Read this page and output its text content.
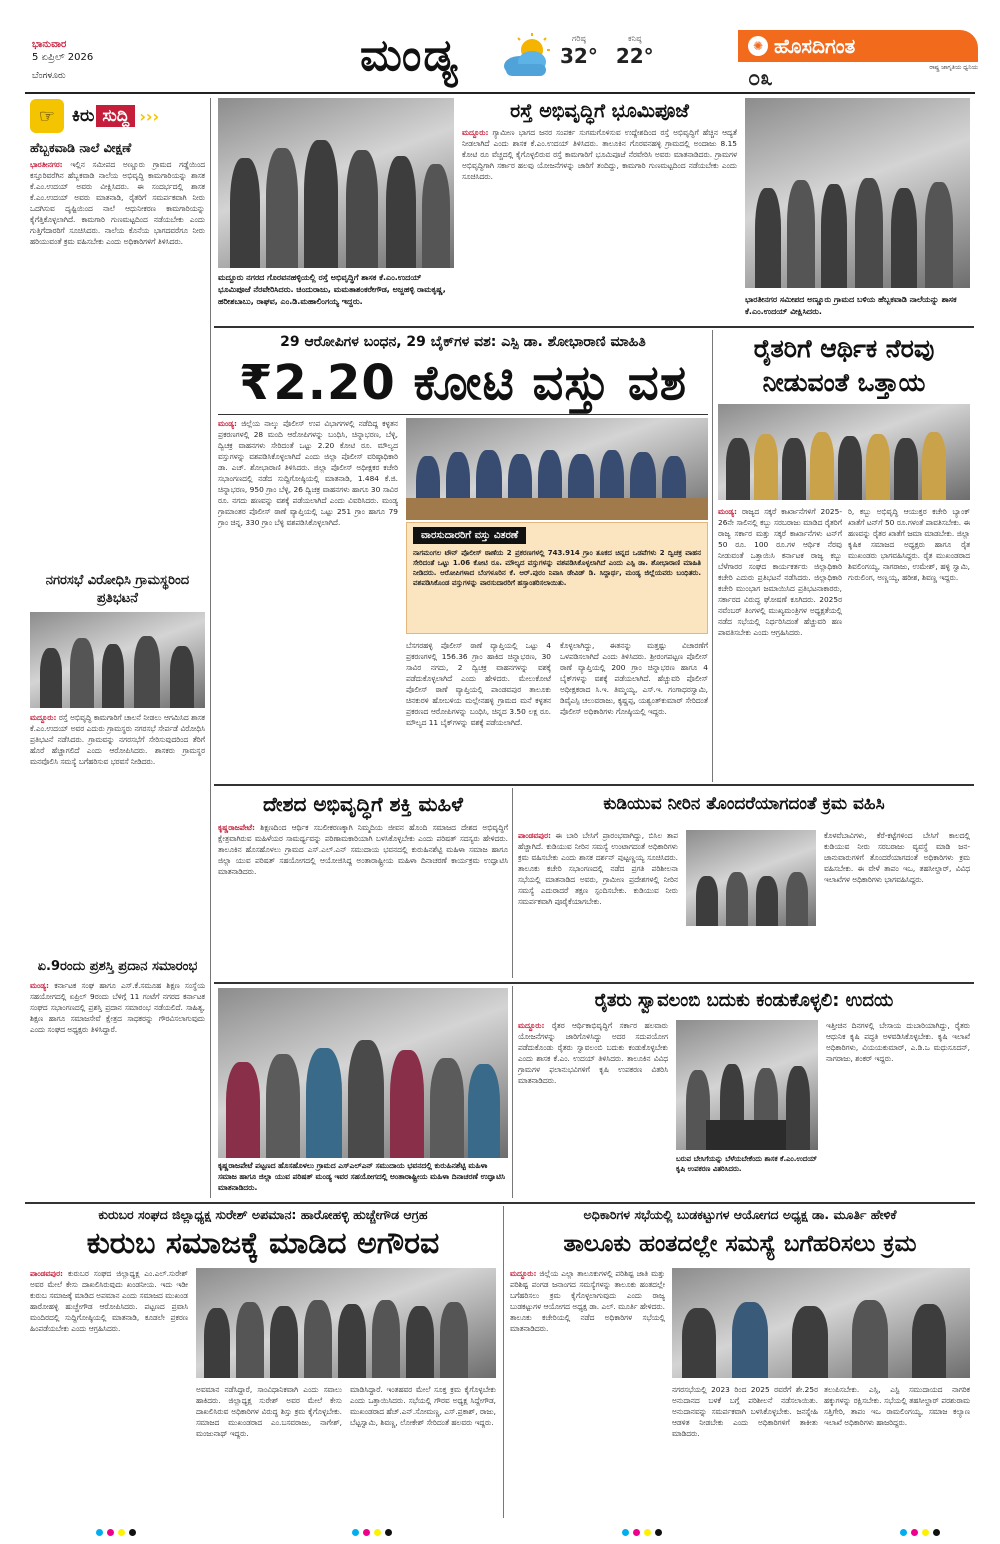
ಭಾನುವಾರ
5 ಏಪ್ರಿಲ್ 2026
ಬೆಂಗಳೂರು	ಮಂಡ್ಯ	ಗರಿಷ್ಠ
32°
ಕನಿಷ್ಠ
22°	✺ ಹೊಸದಿಗಂತ
ರಾಷ್ಟ್ರ ಜಾಗೃತಿಯ ಧ್ವನಿಯ
೦೩
☞ ಕಿರು ಸುದ್ದಿ ›››
ಹೆಬ್ಬಕವಾಡಿ ನಾಲೆ ವೀಕ್ಷಣೆ
ಭಾರತೀನಗರ: ಇಲ್ಲಿನ ಸಮೀಪದ ಅಣ್ಣೂರು ಗ್ರಾಮದ ಗಡ್ಡೆಯಿಂದ ಕಸ್ತೂರಿವರೆಗಿನ ಹೆಬ್ಬಕವಾಡಿ ನಾಲೆಯ ಅಭಿವೃದ್ಧಿ ಕಾಮಗಾರಿಯನ್ನು ಶಾಸಕ ಕೆ.ಎಂ.ಉದಯ್ ಅವರು ವೀಕ್ಷಿಸಿದರು. ಈ ಸಂದರ್ಭದಲ್ಲಿ ಶಾಸಕ ಕೆ.ಎಂ.ಉದಯ್ ಅವರು ಮಾತನಾಡಿ, ರೈತರಿಗೆ ಸಮರ್ಪಕವಾಗಿ ನೀರು ಒದಗಿಸುವ ದೃಷ್ಟಿಯಿಂದ ನಾಲೆ ಆಧುನೀಕರಣ ಕಾಮಗಾರಿಯನ್ನು ಕೈಗೆತ್ತಿಕೊಳ್ಳಲಾಗಿದೆ. ಕಾಮಗಾರಿ ಗುಣಮಟ್ಟದಿಂದ ನಡೆಯಬೇಕು ಎಂದು ಗುತ್ತಿಗೆದಾರರಿಗೆ ಸೂಚಿಸಿದರು. ನಾಲೆಯ ಕೊನೆಯ ಭಾಗದವರೆಗೂ ನೀರು ಹರಿಯುವಂತೆ ಕ್ರಮ ವಹಿಸಬೇಕು ಎಂದು ಅಧಿಕಾರಿಗಳಿಗೆ ತಿಳಿಸಿದರು.
ನಗರಸಭೆ ವಿರೋಧಿಸಿ ಗ್ರಾಮಸ್ಥರಿಂದ ಪ್ರತಿಭಟನೆ
ಮದ್ದೂರು: ರಸ್ತೆ ಅಭಿವೃದ್ಧಿ ಕಾಮಗಾರಿಗೆ ಚಾಲನೆ ನೀಡಲು ಆಗಮಿಸಿದ ಶಾಸಕ ಕೆ.ಎಂ.ಉದಯ್ ಅವರ ಎದುರು ಗ್ರಾಮಸ್ಥರು ನಗರಸಭೆ ಸೇರ್ಪಡೆ ವಿರೋಧಿಸಿ ಪ್ರತಿಭಟನೆ ನಡೆಸಿದರು. ಗ್ರಾಮವನ್ನು ನಗರಸಭೆಗೆ ಸೇರಿಸುವುದರಿಂದ ತೆರಿಗೆ ಹೊರೆ ಹೆಚ್ಚಾಗಲಿದೆ ಎಂದು ಆರೋಪಿಸಿದರು. ಶಾಸಕರು ಗ್ರಾಮಸ್ಥರ ಮನವೊಲಿಸಿ ಸಮಸ್ಯೆ ಬಗೆಹರಿಸುವ ಭರವಸೆ ನೀಡಿದರು.
ಏ.9ರಂದು ಪ್ರಶಸ್ತಿ ಪ್ರದಾನ ಸಮಾರಂಭ
ಮಂಡ್ಯ: ಕರ್ನಾಟಕ ಸಂಘ ಹಾಗೂ ಎಸ್.ಕೆ.ಸಮೂಹ ಶಿಕ್ಷಣ ಸಂಸ್ಥೆಯ ಸಹಯೋಗದಲ್ಲಿ ಏಪ್ರಿಲ್ 9ರಂದು ಬೆಳಿಗ್ಗೆ 11 ಗಂಟೆಗೆ ನಗರದ ಕರ್ನಾಟಕ ಸಂಘದ ಸಭಾಂಗಣದಲ್ಲಿ ಪ್ರಶಸ್ತಿ ಪ್ರದಾನ ಸಮಾರಂಭ ನಡೆಯಲಿದೆ. ಸಾಹಿತ್ಯ, ಶಿಕ್ಷಣ ಹಾಗೂ ಸಮಾಜಸೇವೆ ಕ್ಷೇತ್ರದ ಸಾಧಕರನ್ನು ಗೌರವಿಸಲಾಗುವುದು ಎಂದು ಸಂಘದ ಅಧ್ಯಕ್ಷರು ತಿಳಿಸಿದ್ದಾರೆ.
ಮದ್ದೂರು ನಗರದ ಗೊರವನಹಳ್ಳಿಯಲ್ಲಿ ರಸ್ತೆ ಅಭಿವೃದ್ಧಿಗೆ ಶಾಸಕ ಕೆ.ಎಂ.ಉದಯ್ ಭೂಮಿಪೂಜೆ ನೆರವೇರಿಸಿದರು. ಚಿಂದುರಾಜು, ಮಮತಾಶಂಕರೇಗೌಡ, ಅಜ್ಜಹಳ್ಳಿ ರಾಮಕೃಷ್ಣ, ಹರೀಶಬಾಬು, ರಾಘವ, ಎಂ.ಡಿ.ಮಹಾಲಿಂಗಯ್ಯ ಇದ್ದರು.
ರಸ್ತೆ ಅಭಿವೃದ್ಧಿಗೆ ಭೂಮಿಪೂಜೆ
ಮದ್ದೂರು: ಗ್ಯಾಮೀಣ ಭಾಗದ ಜನರ ಸಂಪರ್ಕ ಸುಗಮಗೊಳಿಸುವ ಉದ್ದೇಶದಿಂದ ರಸ್ತೆ ಅಭಿವೃದ್ಧಿಗೆ ಹೆಚ್ಚಿನ ಆದ್ಯತೆ ನೀಡಲಾಗಿದೆ ಎಂದು ಶಾಸಕ ಕೆ.ಎಂ.ಉದಯ್ ತಿಳಿಸಿದರು. ತಾಲೂಕಿನ ಗೊರವನಹಳ್ಳಿ ಗ್ರಾಮದಲ್ಲಿ ಅಂದಾಜು 8.15 ಕೋಟಿ ರೂ ವೆಚ್ಚದಲ್ಲಿ ಕೈಗೊಳ್ಳಲಿರುವ ರಸ್ತೆ ಕಾಮಗಾರಿಗೆ ಭೂಮಿಪೂಜೆ ನೆರವೇರಿಸಿ ಅವರು ಮಾತನಾಡಿದರು. ಗ್ರಾಮಗಳ ಅಭಿವೃದ್ಧಿಗಾಗಿ ಸರ್ಕಾರ ಹಲವು ಯೋಜನೆಗಳನ್ನು ಜಾರಿಗೆ ತಂದಿದ್ದು, ಕಾಮಗಾರಿ ಗುಣಮಟ್ಟದಿಂದ ನಡೆಯಬೇಕು ಎಂದು ಸೂಚಿಸಿದರು.
ಭಾರತೀನಗರ ಸಮೀಪದ ಅಣ್ಣೂರು ಗ್ರಾಮದ ಬಳಿಯ ಹೆಬ್ಬಕವಾಡಿ ನಾಲೆಯನ್ನು ಶಾಸಕ ಕೆ.ಎಂ.ಉದಯ್ ವೀಕ್ಷಿಸಿದರು.
29 ಆರೋಪಿಗಳ ಬಂಧನ, 29 ಬೈಕ್‌ಗಳ ವಶ: ಎಸ್ಪಿ ಡಾ. ಶೋಭಾರಾಣಿ ಮಾಹಿತಿ
₹2.20 ಕೋಟಿ ವಸ್ತು ವಶ
ಮಂಡ್ಯ: ಜಿಲ್ಲೆಯ ನಾಲ್ಕು ಪೊಲೀಸ್ ಉಪ ವಿಭಾಗಗಳಲ್ಲಿ ನಡೆದಿದ್ದ ಕಳ್ಳತನ ಪ್ರಕರಣಗಳಲ್ಲಿ 28 ಮಂದಿ ಆರೋಪಿಗಳನ್ನು ಬಂಧಿಸಿ, ಚಿನ್ನಾಭರಣ, ಬೆಳ್ಳಿ, ದ್ವಿಚಕ್ರ ವಾಹನಗಳು ಸೇರಿದಂತೆ ಒಟ್ಟು 2.20 ಕೋಟಿ ರೂ. ಮೌಲ್ಯದ ವಸ್ತುಗಳನ್ನು ವಶಪಡಿಸಿಕೊಳ್ಳಲಾಗಿದೆ ಎಂದು ಜಿಲ್ಲಾ ಪೊಲೀಸ್ ವರಿಷ್ಠಾಧಿಕಾರಿ ಡಾ. ಎಚ್. ಶೋಭಾರಾಣಿ ತಿಳಿಸಿದರು. ಜಿಲ್ಲಾ ಪೊಲೀಸ್ ಅಧೀಕ್ಷಕರ ಕಚೇರಿ ಸಭಾಂಗಣದಲ್ಲಿ ನಡೆದ ಸುದ್ದಿಗೋಷ್ಠಿಯಲ್ಲಿ ಮಾತನಾಡಿ, 1.484 ಕೆ.ಜಿ. ಚಿನ್ನಾಭರಣ, 950 ಗ್ರಾಂ ಬೆಳ್ಳಿ, 26 ದ್ವಿಚಕ್ರ ವಾಹನಗಳು ಹಾಗೂ 30 ಸಾವಿರ ರೂ. ನಗದು ಹಣವನ್ನು ವಶಕ್ಕೆ ಪಡೆಯಲಾಗಿದೆ ಎಂದು ವಿವರಿಸಿದರು. ಮಂಡ್ಯ ಗ್ರಾಮಾಂತರ ಪೊಲೀಸ್ ಠಾಣೆ ವ್ಯಾಪ್ತಿಯಲ್ಲಿ ಒಟ್ಟು 251 ಗ್ರಾಂ ಹಾಗೂ 79 ಗ್ರಾಂ ಚಿನ್ನ, 330 ಗ್ರಾಂ ಬೆಳ್ಳಿ ವಶಪಡಿಸಿಕೊಳ್ಳಲಾಗಿದೆ.
ವಾರಸುದಾರರಿಗೆ ವಸ್ತು ವಿತರಣೆ
ನಾಗಮಂಗಲ ಟೌನ್ ಪೊಲೀಸ್ ಠಾಣೆಯ 2 ಪ್ರಕರಣಗಳಲ್ಲಿ 743.914 ಗ್ರಾಂ ತೂಕದ ಚಿನ್ನದ ಒಡವೆಗಳು 2 ದ್ವಿಚಕ್ರ ವಾಹನ ಸೇರಿದಂತೆ ಒಟ್ಟು 1.06 ಕೋಟಿ ರೂ. ಮೌಲ್ಯದ ವಸ್ತುಗಳನ್ನು ವಶಪಡಿಸಿಕೊಳ್ಳಲಾಗಿದೆ ಎಂದು ಎಸ್ಪಿ ಡಾ. ಶೋಭಾರಾಣಿ ಮಾಹಿತಿ ನೀಡಿದರು. ಆರೋಪಿಗಳಾದ ಬೆಂಗಳೂರಿನ ಕೆ. ಆರ್.ಪುರಂ ನಿವಾಸಿ ಡೇವಿಡ್ ಡಿ. ಸಿದ್ದಾರ್ಥ, ಮಂಡ್ಯ ಜಿಲ್ಲೆಯವರು ಬಂಧಿತರು. ವಶಪಡಿಸಿಕೊಂಡ ವಸ್ತುಗಳನ್ನು ವಾರಸುದಾರರಿಗೆ ಹಸ್ತಾಂತರಿಸಲಾಯಿತು.
ಬೆಸಗರಹಳ್ಳಿ ಪೊಲೀಸ್ ಠಾಣೆ ವ್ಯಾಪ್ತಿಯಲ್ಲಿ ಒಟ್ಟು 4 ಪ್ರಕರಣಗಳಲ್ಲಿ 156.36 ಗ್ರಾಂ ಹಾಕಿದ ಚಿನ್ನಾಭರಣ, 30 ಸಾವಿರ ನಗದು, 2 ದ್ವಿಚಕ್ರ ವಾಹನಗಳನ್ನು ವಶಕ್ಕೆ ಪಡೆದುಕೊಳ್ಳಲಾಗಿದೆ ಎಂದು ಹೇಳಿದರು. ಮೇಲುಕೋಟೆ ಪೊಲೀಸ್ ಠಾಣೆ ವ್ಯಾಪ್ತಿಯಲ್ಲಿ ಪಾಂಡವಪುರ ತಾಲೂಕು ಚಿನಕುರಳಿ ಹೋಬಳಿಯ ಮಲ್ಲೇನಹಳ್ಳಿ ಗ್ರಾಮದ ಮನೆ ಕಳ್ಳತನ ಪ್ರಕರಣದ ಆರೋಪಿಗಳನ್ನು ಬಂಧಿಸಿ, ಚಿನ್ನದ 3.50 ಲಕ್ಷ ರೂ. ಮೌಲ್ಯದ 11 ಬೈಕ್‌ಗಳನ್ನು ವಶಕ್ಕೆ ಪಡೆಯಲಾಗಿದೆ.
ಕೊಳ್ಳಲಾಗಿದ್ದು, ಈತನನ್ನು ಮತ್ತಷ್ಟು ವಿಚಾರಣೆಗೆ ಒಳಪಡಿಸಲಾಗಿದೆ ಎಂದು ತಿಳಿಸಿದರು. ಶ್ರೀರಂಗಪಟ್ಟಣ ಪೊಲೀಸ್ ಠಾಣೆ ವ್ಯಾಪ್ತಿಯಲ್ಲಿ 200 ಗ್ರಾಂ ಚಿನ್ನಾಭರಣ ಹಾಗೂ 4 ಬೈಕ್‌ಗಳನ್ನು ವಶಕ್ಕೆ ಪಡೆಯಲಾಗಿದೆ. ಹೆಚ್ಚುವರಿ ಪೊಲೀಸ್ ಅಧೀಕ್ಷಕರಾದ ಸಿ.ಇ. ತಿಮ್ಮಯ್ಯ, ಎಸ್.ಇ. ಗಂಗಾಧರಸ್ವಾಮಿ, ಡಿವೈಎಸ್ಪಿ ಚಲುವರಾಜು, ಕೃಷ್ಣಪ್ಪ, ಯಶ್ವಂತ್‌ಕುಮಾರ್ ಸೇರಿದಂತೆ ಪೊಲೀಸ್ ಅಧಿಕಾರಿಗಳು ಗೋಷ್ಠಿಯಲ್ಲಿ ಇದ್ದರು.
ರೈತರಿಗೆ ಆರ್ಥಿಕ ನೆರವು ನೀಡುವಂತೆ ಒತ್ತಾಯ
ಮಂಡ್ಯ: ರಾಜ್ಯದ ಸಕ್ಕರೆ ಕಾರ್ಖಾನೆಗಳಿಗೆ 2025-26ನೇ ಸಾಲಿನಲ್ಲಿ ಕಬ್ಬು ಸರಬರಾಜು ಮಾಡಿದ ರೈತರಿಗೆ ರಾಜ್ಯ ಸರ್ಕಾರ ಮತ್ತು ಸಕ್ಕರೆ ಕಾರ್ಖಾನೆಗಳು ಟನ್‌ಗೆ 50 ರೂ. 100 ರೂ.ಗಳ ಆರ್ಥಿಕ ನೆರವು ನೀಡುವಂತೆ ಒತ್ತಾಯಿಸಿ ಕರ್ನಾಟಕ ರಾಜ್ಯ ಕಬ್ಬು ಬೆಳೆಗಾರರ ಸಂಘದ ಕಾರ್ಯಕರ್ತರು ಜಿಲ್ಲಾಧಿಕಾರಿ ಕಚೇರಿ ಎದುರು ಪ್ರತಿಭಟನೆ ನಡೆಸಿದರು. ಜಿಲ್ಲಾಧಿಕಾರಿ ಕಚೇರಿ ಮುಂಭಾಗ ಜಮಾಯಿಸಿದ ಪ್ರತಿಭಟನಾಕಾರರು, ಸರ್ಕಾರದ ವಿರುದ್ಧ ಘೋಷಣೆ ಕೂಗಿದರು. 2025ರ ನವೆಂಬರ್ ತಿಂಗಳಲ್ಲಿ ಮುಖ್ಯಮಂತ್ರಿಗಳ ಅಧ್ಯಕ್ಷತೆಯಲ್ಲಿ ನಡೆದ ಸಭೆಯಲ್ಲಿ ನಿರ್ಧರಿಸಿದಂತೆ ಹೆಚ್ಚುವರಿ ಹಣ ಪಾವತಿಸಬೇಕು ಎಂದು ಆಗ್ರಹಿಸಿದರು.
ರಿ, ಕಬ್ಬು ಅಭಿವೃದ್ಧಿ ಆಯುಕ್ತರ ಕಚೇರಿ ಬ್ಯಾಂಕ್ ಖಾತೆಗೆ ಟನ್‌ಗೆ 50 ರೂ.ಗಳಂತೆ ಪಾವತಿಸಬೇಕು. ಈ ಹಣವನ್ನು ರೈತರ ಖಾತೆಗೆ ಜಮಾ ಮಾಡಬೇಕು. ಜಿಲ್ಲಾ ಕೃಷಿಕ ಸಮಾಜದ ಅಧ್ಯಕ್ಷರು ಹಾಗೂ ರೈತ ಮುಖಂಡರು ಭಾಗವಹಿಸಿದ್ದರು. ರೈತ ಮುಖಂಡರಾದ ಶಿವಲಿಂಗಯ್ಯ, ನಾಗರಾಜು, ಉಮೇಶ್, ಹಳ್ಳಿ ಸ್ವಾಮಿ, ಗುರುಲಿಂಗ, ಅಣ್ಣಯ್ಯ, ಹರೀಶ, ಶಿವಣ್ಣ ಇದ್ದರು.
ದೇಶದ ಅಭಿವೃದ್ಧಿಗೆ ಶಕ್ತಿ ಮಹಿಳೆ
ಕೃಷ್ಣರಾಜಪೇಟೆ: ಶಿಕ್ಷಣದಿಂದ ಆರ್ಥಿಕ ಸಬಲೀಕರಣಕ್ಕಾಗಿ ನಿಮ್ಮದಿಯ ಜೀವನ ಹೊಂದಿ ಸಮಾಜದ ದೇಶದ ಅಭಿವೃದ್ಧಿಗೆ ಕ್ಷೇತ್ರವಾಗಿರುವ ಮಹಿಳೆಯರ ಸಾಮರ್ಥ್ಯವನ್ನು ಪರಿಣಾಮಕಾರಿಯಾಗಿ ಬಳಸಿಕೊಳ್ಳಬೇಕು ಎಂದು ಪರಿಷತ್ ಸದಸ್ಯರು ಹೇಳಿದರು. ತಾಲೂಕಿನ ಹೊಸಹೊಳಲು ಗ್ರಾಮದ ಎಸ್.ಎಲ್.ಎನ್ ಸಮುದಾಯ ಭವನದಲ್ಲಿ ಕುರುಹಿನಶೆಟ್ಟಿ ಮಹಿಳಾ ಸಮಾಜ ಹಾಗೂ ಜಿಲ್ಲಾ ಯುವ ಪರಿಷತ್ ಸಹಯೋಗದಲ್ಲಿ ಆಯೋಜಿಸಿದ್ದ ಅಂತಾರಾಷ್ಟ್ರೀಯ ಮಹಿಳಾ ದಿನಾಚರಣೆ ಕಾರ್ಯಕ್ರಮ ಉದ್ಘಾಟಿಸಿ ಮಾತನಾಡಿದರು.
ಕುಡಿಯುವ ನೀರಿನ ತೊಂದರೆಯಾಗದಂತೆ ಕ್ರಮ ವಹಿಸಿ
ಪಾಂಡವಪುರ: ಈ ಬಾರಿ ಬೇಸಿಗೆ ಪ್ರಾರಂಭವಾಗಿದ್ದು, ಬಿಸಿಲ ತಾಪ ಹೆಚ್ಚಾಗಿದೆ. ಕುಡಿಯುವ ನೀರಿನ ಸಮಸ್ಯೆ ಉಂಟಾಗದಂತೆ ಅಧಿಕಾರಿಗಳು ಕ್ರಮ ವಹಿಸಬೇಕು ಎಂದು ಶಾಸಕ ದರ್ಶನ್ ಪುಟ್ಟಣ್ಣಯ್ಯ ಸೂಚಿಸಿದರು. ತಾಲೂಕು ಕಚೇರಿ ಸಭಾಂಗಣದಲ್ಲಿ ನಡೆದ ಪ್ರಗತಿ ಪರಿಶೀಲನಾ ಸಭೆಯಲ್ಲಿ ಮಾತನಾಡಿದ ಅವರು, ಗ್ರಾಮೀಣ ಪ್ರದೇಶಗಳಲ್ಲಿ ನೀರಿನ ಸಮಸ್ಯೆ ಎದುರಾದರೆ ತಕ್ಷಣ ಸ್ಪಂದಿಸಬೇಕು. ಕುಡಿಯುವ ನೀರು ಸಮರ್ಪಕವಾಗಿ ಪೂರೈಕೆಯಾಗಬೇಕು.
ಕೊಳವೆಬಾವಿಗಳು, ಕೆರೆ-ಕಟ್ಟೆಗಳಿಂದ ಬೇಸಿಗೆ ಕಾಲದಲ್ಲಿ ಕುಡಿಯುವ ನೀರು ಸರಬರಾಜು ವ್ಯವಸ್ಥೆ ಮಾಡಿ ಜನ-ಜಾನುವಾರುಗಳಿಗೆ ತೊಂದರೆಯಾಗದಂತೆ ಅಧಿಕಾರಿಗಳು ಕ್ರಮ ವಹಿಸಬೇಕು. ಈ ವೇಳೆ ತಾಪಂ ಇಒ, ತಹಸೀಲ್ದಾರ್, ವಿವಿಧ ಇಲಾಖೆಗಳ ಅಧಿಕಾರಿಗಳು ಭಾಗವಹಿಸಿದ್ದರು.
ಕೃಷ್ಣರಾಜಪೇಟೆ ಪಟ್ಟಣದ ಹೊಸಹೊಳಲು ಗ್ರಾಮದ ಎಸ್‌ಎಲ್‌ಎನ್ ಸಮುದಾಯ ಭವನದಲ್ಲಿ ಕುರುಹಿನಶೆಟ್ಟಿ ಮಹಿಳಾ ಸಮಾಜ ಹಾಗೂ ಜಿಲ್ಲಾ ಯುವ ಪರಿಷತ್ ಮಂಡ್ಯ ಇವರ ಸಹಯೋಗದಲ್ಲಿ ಅಂತಾರಾಷ್ಟ್ರೀಯ ಮಹಿಳಾ ದಿನಾಚರಣೆ ಉದ್ಘಾಟಿಸಿ ಮಾತನಾಡಿದರು.
ರೈತರು ಸ್ವಾವಲಂಬಿ ಬದುಕು ಕಂಡುಕೊಳ್ಳಲಿ: ಉದಯ
ಮದ್ದೂರು: ರೈತರ ಆರ್ಥಿಕಾಭಿವೃದ್ಧಿಗೆ ಸರ್ಕಾರ ಹಲವಾರು ಯೋಜನೆಗಳನ್ನು ಜಾರಿಗೊಳಿಸಿದ್ದು ಅದರ ಸದುಪಯೋಗ ಪಡೆದುಕೊಂಡು ರೈತರು ಸ್ವಾವಲಂಬಿ ಬದುಕು ಕಂಡುಕೊಳ್ಳಬೇಕು ಎಂದು ಶಾಸಕ ಕೆ.ಎಂ. ಉದಯ್ ತಿಳಿಸಿದರು. ತಾಲೂಕಿನ ವಿವಿಧ ಗ್ರಾಮಗಳ ಫಲಾನುಭವಿಗಳಿಗೆ ಕೃಷಿ ಉಪಕರಣ ವಿತರಿಸಿ ಮಾತನಾಡಿದರು.
ಬರುವ ಬೇಸಿಗೆಯನ್ನು ಬೆಳೆಯಬೇಕೆಂದು ಶಾಸಕ ಕೆ.ಎಂ.ಉದಯ್ ಕೃಷಿ ಉಪಕರಣ ವಿತರಿಸಿದರು.
ಇತ್ತೀಚಿನ ದಿನಗಳಲ್ಲಿ ಬೇಸಾಯ ದುಬಾರಿಯಾಗಿದ್ದು, ರೈತರು ಆಧುನಿಕ ಕೃಷಿ ಪದ್ಧತಿ ಅಳವಡಿಸಿಕೊಳ್ಳಬೇಕು. ಕೃಷಿ ಇಲಾಖೆ ಅಧಿಕಾರಿಗಳು, ವಿಯಯಕುಮಾರ್, ಎ.ಡಿ.ಒ ಮಧುಸೂದನ್, ನಾಗರಾಜು, ಶಂಕರ್ ಇದ್ದರು.
ಕುರುಬರ ಸಂಘದ ಜಿಲ್ಲಾಧ್ಯಕ್ಷ ಸುರೇಶ್ ಅಪಮಾನ: ಹಾರೋಹಳ್ಳಿ ಹುಚ್ಚೇಗೌಡ ಆಗ್ರಹ
ಕುರುಬ ಸಮಾಜಕ್ಕೆ ಮಾಡಿದ ಅಗೌರವ
ಪಾಂಡವಪುರ: ಕುರುಬರ ಸಂಘದ ಜಿಲ್ಲಾಧ್ಯಕ್ಷ ಎಂ.ಎಲ್.ಸುರೇಶ್ ಅವರ ಮೇಲೆ ಕೇಸು ದಾಖಲಿಸಿರುವುದು ಖಂಡನೀಯ. ಇದು ಇಡೀ ಕುರುಬ ಸಮಾಜಕ್ಕೆ ಮಾಡಿದ ಅಪಮಾನ ಎಂದು ಸಮಾಜದ ಮುಖಂಡ ಹಾರೋಹಳ್ಳಿ ಹುಚ್ಚೇಗೌಡ ಆರೋಪಿಸಿದರು. ಪಟ್ಟಣದ ಪ್ರವಾಸಿ ಮಂದಿರದಲ್ಲಿ ಸುದ್ದಿಗೋಷ್ಠಿಯಲ್ಲಿ ಮಾತನಾಡಿ, ಕೂಡಲೇ ಪ್ರಕರಣ ಹಿಂಪಡೆಯಬೇಕು ಎಂದು ಆಗ್ರಹಿಸಿದರು.
ಅವಮಾನ ನಡೆಸಿದ್ದಾರೆ, ಸಾಂವಿಧಾನಿಕವಾಗಿ ಎಂದು ಸವಾಲು ಹಾಕಿದರು. ಜಿಲ್ಲಾಧ್ಯಕ್ಷ ಸುರೇಶ್ ಅವರ ಮೇಲೆ ಕೇಸು ದಾಖಲಿಸಿರುವ ಅಧಿಕಾರಿಗಳ ವಿರುದ್ಧ ಶಿಸ್ತು ಕ್ರಮ ಕೈಗೊಳ್ಳಬೇಕು. ಸಮಾಜದ ಮುಖಂಡರಾದ ಎಂ.ಬಸವರಾಜು, ನಾಗೇಶ್, ಮಂಜುನಾಥ್ ಇದ್ದರು.
ಮಾಡಿಸಿದ್ದಾರೆ. ಇಂತಹವರ ಮೇಲೆ ಸೂಕ್ತ ಕ್ರಮ ಕೈಗೊಳ್ಳಬೇಕು ಎಂದು ಒತ್ತಾಯಿಸಿದರು. ಸಭೆಯಲ್ಲಿ ಗೌರವ ಅಧ್ಯಕ್ಷ ಸಿದ್ದೇಗೌಡ, ಮುಖಂಡರಾದ ಹೆಚ್.ಎನ್.ಸೋಮಣ್ಣ, ಎಸ್.ಪ್ರಕಾಶ್, ರಾಜು, ಬೆಟ್ಟಸ್ವಾಮಿ, ಶಿವಣ್ಣ, ಲೋಕೇಶ್ ಸೇರಿದಂತೆ ಹಲವರು ಇದ್ದರು.
ಅಧಿಕಾರಿಗಳ ಸಭೆಯಲ್ಲಿ ಬುಡಕಟ್ಟುಗಳ ಆಯೋಗದ ಅಧ್ಯಕ್ಷ ಡಾ. ಮೂರ್ತಿ ಹೇಳಿಕೆ
ತಾಲೂಕು ಹಂತದಲ್ಲೇ ಸಮಸ್ಯೆ ಬಗೆಹರಿಸಲು ಕ್ರಮ
ಮದ್ದೂರು: ಜಿಲ್ಲೆಯ ಎಲ್ಲಾ ತಾಲೂಕುಗಳಲ್ಲಿ ಪರಿಶಿಷ್ಟ ಜಾತಿ ಮತ್ತು ಪರಿಶಿಷ್ಟ ಪಂಗಡ ಜನಾಂಗದ ಸಮಸ್ಯೆಗಳನ್ನು ತಾಲೂಕು ಹಂತದಲ್ಲೇ ಬಗೆಹರಿಸಲು ಕ್ರಮ ಕೈಗೊಳ್ಳಲಾಗುವುದು ಎಂದು ರಾಜ್ಯ ಬುಡಕಟ್ಟುಗಳ ಆಯೋಗದ ಅಧ್ಯಕ್ಷ ಡಾ. ಎಲ್. ಮೂರ್ತಿ ಹೇಳಿದರು. ತಾಲೂಕು ಕಚೇರಿಯಲ್ಲಿ ನಡೆದ ಅಧಿಕಾರಿಗಳ ಸಭೆಯಲ್ಲಿ ಮಾತನಾಡಿದರು.
ನಗರಸಭೆಯಲ್ಲಿ 2023 ರಿಂದ 2025 ರವರೆಗೆ ಶೇ.25ರ ಅನುದಾನದ ಬಳಕೆ ಬಗ್ಗೆ ಪರಿಶೀಲನೆ ನಡೆಸಲಾಯಿತು. ಅನುದಾನವನ್ನು ಸಮರ್ಪಕವಾಗಿ ಬಳಸಿಕೊಳ್ಳಬೇಕು. ಜನಸ್ನೇಹಿ ಆಡಳಿತ ನೀಡಬೇಕು ಎಂದು ಅಧಿಕಾರಿಗಳಿಗೆ ತಾಕೀತು ಮಾಡಿದರು.
ತಲುಪಿಸಬೇಕು. ಎಸ್ಸಿ, ಎಸ್ಟಿ ಸಮುದಾಯದ ನಾಗರಿಕ ಹಕ್ಕುಗಳನ್ನು ರಕ್ಷಿಸಬೇಕು. ಸಭೆಯಲ್ಲಿ ತಹಸೀಲ್ದಾರ್ ಪರಶುರಾಮ ಸತ್ತಿಗೇರಿ, ತಾಪಂ ಇಒ ರಾಮಲಿಂಗಯ್ಯ, ಸಮಾಜ ಕಲ್ಯಾಣ ಇಲಾಖೆ ಅಧಿಕಾರಿಗಳು ಹಾಜರಿದ್ದರು.
